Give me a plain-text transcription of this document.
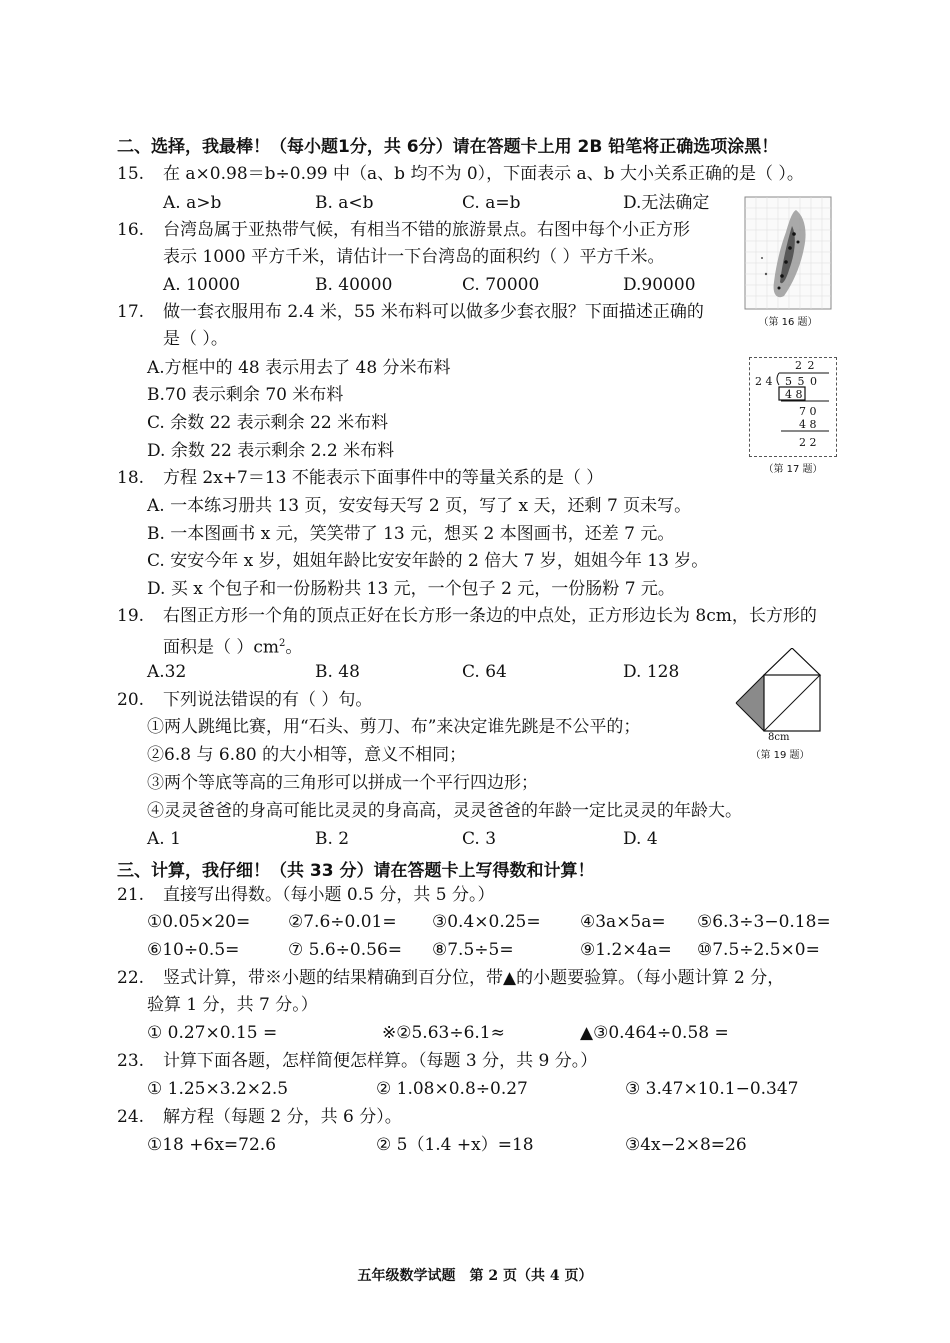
二、选择，我最棒！（每小题1分，共 6分）请在答题卡上用 2B 铅笔将正确选项涂黑！
15. 在 a×0.98＝b÷0.99 中（a、b 均不为 0），下面表示 a、b 大小关系正确的是（ ）。
A. a>b	B. a<b	C. a=b	D.无法确定
16. 台湾岛属于亚热带气候，有相当不错的旅游景点。右图中每个小正方形
表示 1000 平方千米，请估计一下台湾岛的面积约（ ）平方千米。
A. 10000	B. 40000	C. 70000	D.90000
（第 16 题）
17. 做一套衣服用布 2.4 米，55 米布料可以做多少套衣服？下面描述正确的
是（ ）。
A.方框中的 48 表示用去了 48 分米布料
B.70 表示剩余 70 米布料
C. 余数 22 表示剩余 22 米布料
D. 余数 22 表示剩余 2.2 米布料
2 2
2 4 5 5 0
4 8
7 0
4 8
2 2
（第 17 题）
18. 方程 2x+7＝13 不能表示下面事件中的等量关系的是（ ）
A. 一本练习册共 13 页，安安每天写 2 页，写了 x 天，还剩 7 页未写。
B. 一本图画书 x 元，笑笑带了 13 元，想买 2 本图画书，还差 7 元。
C. 安安今年 x 岁，姐姐年龄比安安年龄的 2 倍大 7 岁，姐姐今年 13 岁。
D. 买 x 个包子和一份肠粉共 13 元，一个包子 2 元，一份肠粉 7 元。
19. 右图正方形一个角的顶点正好在长方形一条边的中点处，正方形边长为 8cm，长方形的
面积是（ ）$cm^2$。
A.32	B. 48	C. 64	D. 128
8cm
（第 19 题）
20. 下列说法错误的有（ ）句。
①两人跳绳比赛，用“石头、剪刀、布”来决定谁先跳是不公平的；
②6.8 与 6.80 的大小相等，意义不相同；
③两个等底等高的三角形可以拼成一个平行四边形；
④灵灵爸爸的身高可能比灵灵的身高高，灵灵爸爸的年龄一定比灵灵的年龄大。
A. 1	B. 2	C. 3	D. 4
三、计算，我仔细！（共 33 分）请在答题卡上写得数和计算！
21. 直接写出得数。（每小题 0.5 分，共 5 分。）
①0.05×20= ②7.6÷0.01= ③0.4×0.25= ④3a×5a= ⑤6.3÷3−0.18=
⑥10÷0.5=	⑦ 5.6÷0.56= ⑧7.5÷5=	⑨1.2×4a= ⑩7.5÷2.5×0=
22. 竖式计算，带※小题的结果精确到百分位，带▲的小题要验算。（每小题计算 2 分，
验算 1 分，共 7 分。）
① 0.27×0.15 =	※②5.63÷6.1≈	▲③0.464÷0.58 =
23. 计算下面各题，怎样简便怎样算。（每题 3 分，共 9 分。）
① 1.25×3.2×2.5	② 1.08×0.8÷0.27	③ 3.47×10.1−0.347
24. 解方程（每题 2 分，共 6 分）。
①18 +6x=72.6	② 5（1.4 +x）=18	③4x−2×8=26
五年级数学试题　第 2 页（共 4 页）
